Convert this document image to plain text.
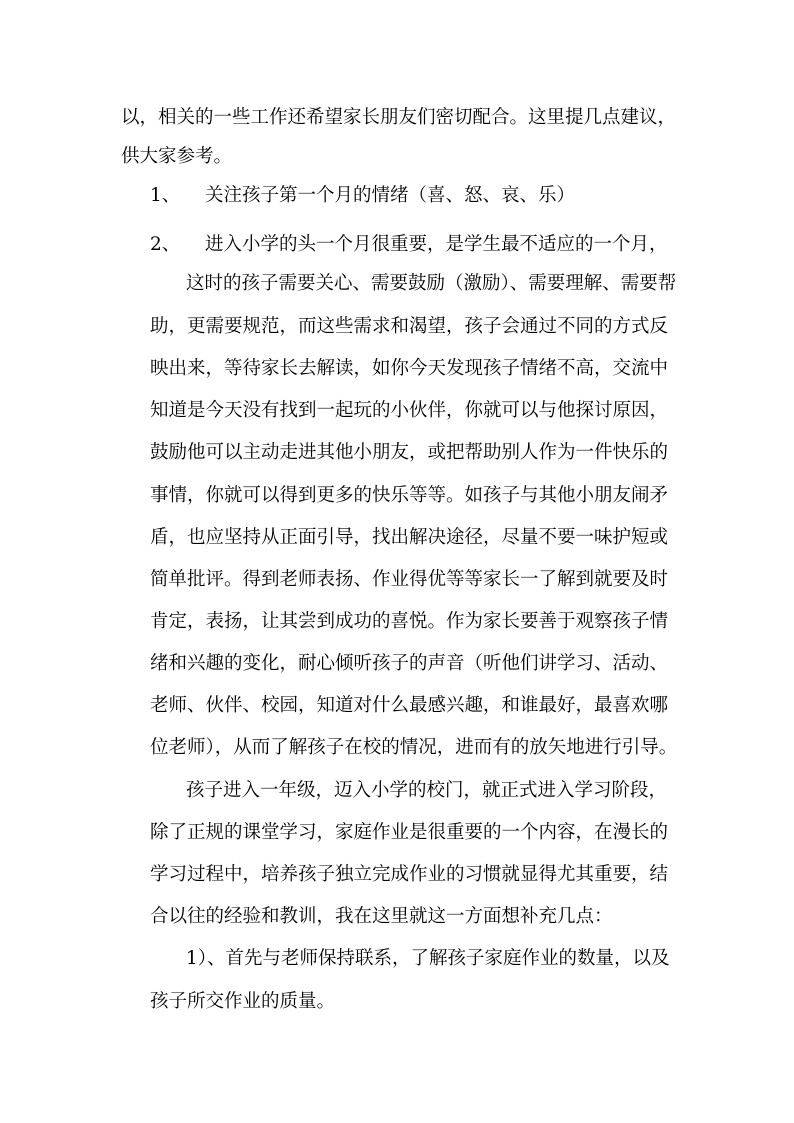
以，相关的一些工作还希望家长朋友们密切配合。这里提几点建议，
供大家参考。
1、 关注孩子第一个月的情绪（喜、怒、哀、乐）
2、 进入小学的头一个月很重要，是学生最不适应的一个月，
这时的孩子需要关心、需要鼓励（激励）、需要理解、需要帮
助，更需要规范，而这些需求和渴望，孩子会通过不同的方式反
映出来，等待家长去解读，如你今天发现孩子情绪不高，交流中
知道是今天没有找到一起玩的小伙伴，你就可以与他探讨原因，
鼓励他可以主动走进其他小朋友，或把帮助别人作为一件快乐的
事情，你就可以得到更多的快乐等等。如孩子与其他小朋友闹矛
盾，也应坚持从正面引导，找出解决途径，尽量不要一味护短或
简单批评。得到老师表扬、作业得优等等家长一了解到就要及时
肯定，表扬，让其尝到成功的喜悦。作为家长要善于观察孩子情
绪和兴趣的变化，耐心倾听孩子的声音（听他们讲学习、活动、
老师、伙伴、校园，知道对什么最感兴趣，和谁最好，最喜欢哪
位老师），从而了解孩子在校的情况，进而有的放矢地进行引导。
孩子进入一年级，迈入小学的校门，就正式进入学习阶段，
除了正规的课堂学习，家庭作业是很重要的一个内容，在漫长的
学习过程中，培养孩子独立完成作业的习惯就显得尤其重要，结
合以往的经验和教训，我在这里就这一方面想补充几点：
1）、首先与老师保持联系，了解孩子家庭作业的数量，以及
孩子所交作业的质量。
